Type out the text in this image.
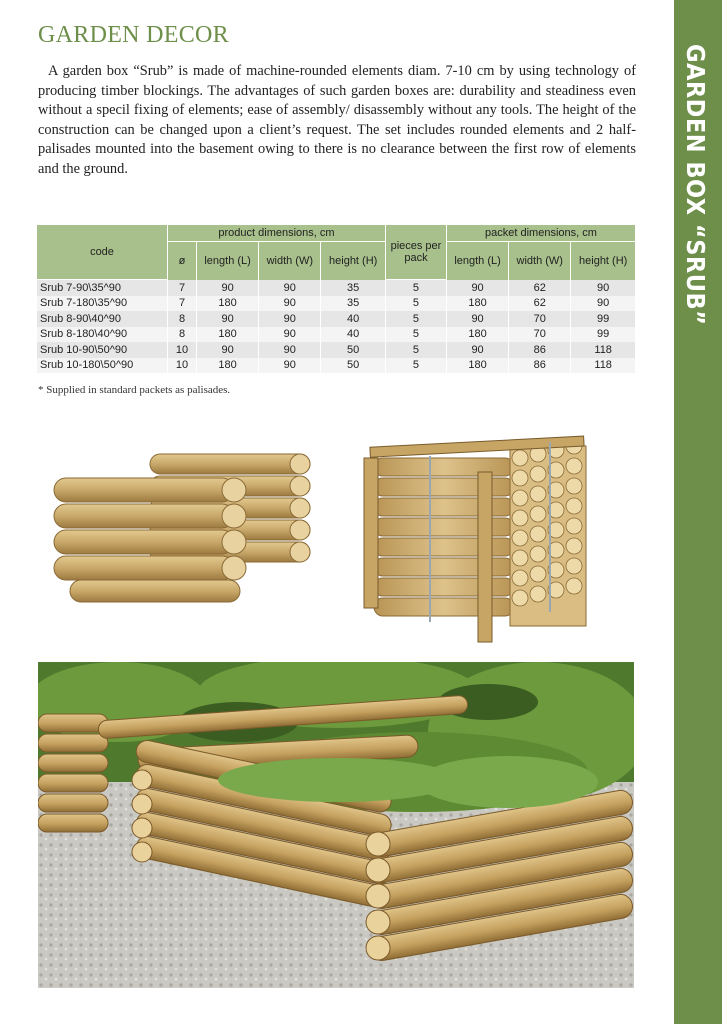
GARDEN BOX “SRUB”
GARDEN DECOR

A garden box “Srub” is made of machine-rounded elements diam. 7-10 cm by using technology of producing timber blockings. The advantages of such garden boxes are: durability and steadiness even without a specil fixing of elements; ease of assembly/ disassembly without any tools. The height of the construction can be changed upon a client’s request. The set includes rounded elements and 2 half-palisades mounted into the basement owing to there is no clearance between the first row of elements and the ground.

code	product dimensions, cm				pieces per pack	packet dimensions, cm		
	ø	length (L)	width (W)	height (H)		length (L)	width (W)	height (H)
Srub 7-90\35^90	7	90	90	35	5	90	62	90
Srub 7-180\35^90	7	180	90	35	5	180	62	90
Srub 8-90\40^90	8	90	90	40	5	90	70	99
Srub 8-180\40^90	8	180	90	40	5	180	70	99
Srub 10-90\50^90	10	90	90	50	5	90	86	118
Srub 10-180\50^90	10	180	90	50	5	180	86	118
* Supplied in standard packets as palisades.
